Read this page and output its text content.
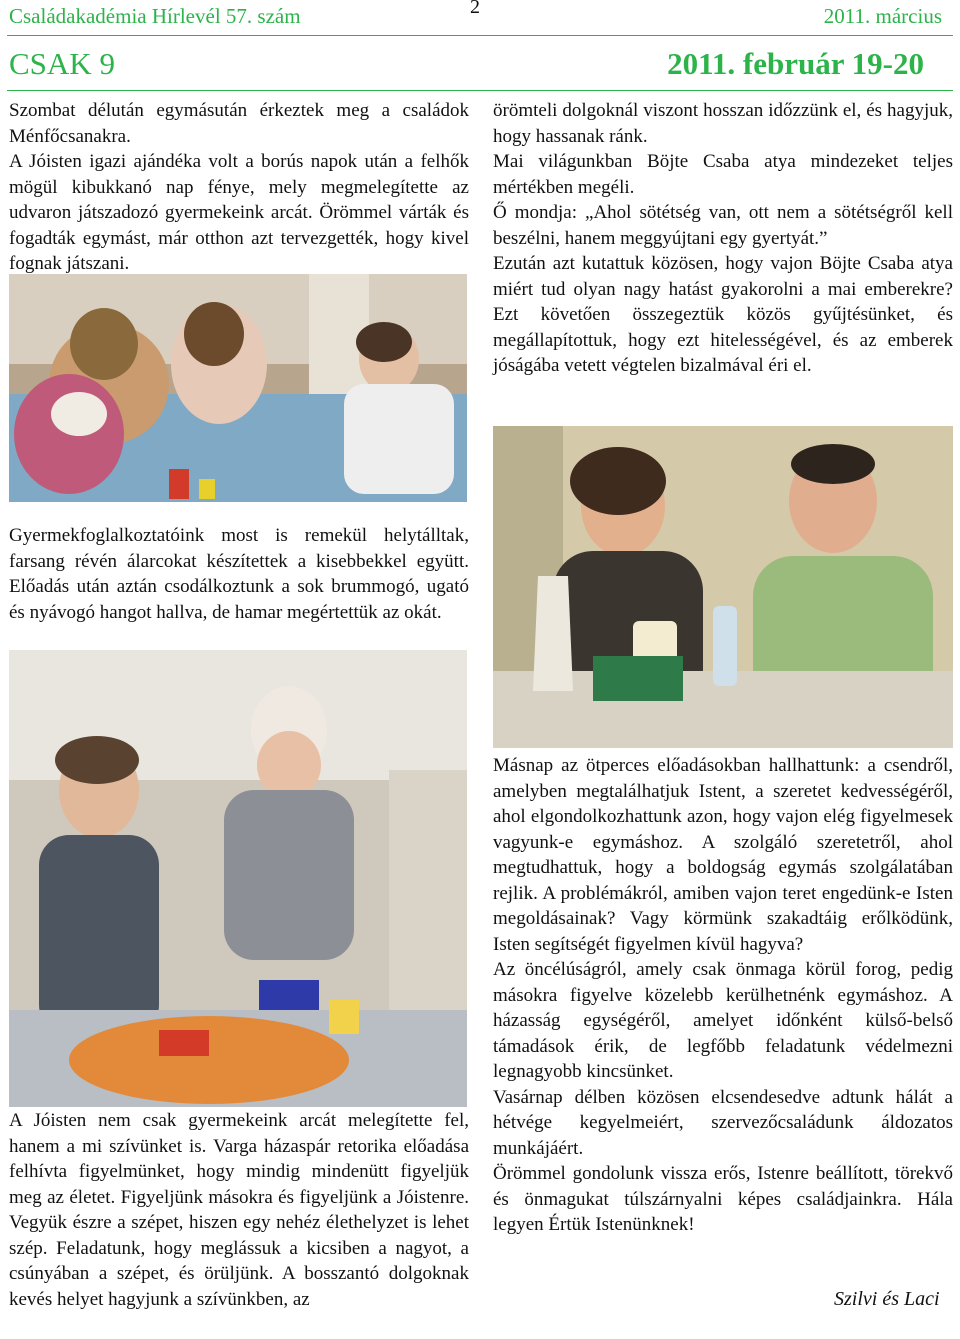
Családakadémia Hírlevél 57. szám	2	2011. március
CSAK 9	2011. február 19-20

Szombat délután egymásután érkeztek meg a családok Ménfőcsanakra.

A Jóisten igazi ajándéka volt a borús napok után a felhők mögül kibukkanó nap fénye, mely megmelegítette az udvaron játszadozó gyermekeink arcát. Örömmel várták és fogadták egymást, már otthon azt tervezgették, hogy kivel fognak játszani.

Gyermekfoglalkoztatóink most is remekül helytálltak, farsang révén álarcokat készítettek a kisebbekkel együtt. Előadás után aztán csodálkoztunk a sok brummogó, ugató és nyávogó hangot hallva, de hamar megértettük az okát.

A Jóisten nem csak gyermekeink arcát melegítette fel, hanem a mi szívünket is. Varga házaspár retorika előadása felhívta figyelmünket, hogy mindig mindenütt figyeljük meg az életet. Figyeljünk másokra és figyeljünk a Jóistenre. Vegyük észre a szépet, hiszen egy nehéz élethelyzet is lehet szép. Feladatunk, hogy meglássuk a kicsiben a nagyot, a csúnyában a szépet, és örüljünk. A bosszantó dolgoknak kevés helyet hagyjunk a szívünkben, az

örömteli dolgoknál viszont hosszan időzzünk el, és hagyjuk, hogy hassanak ránk.

Mai világunkban Böjte Csaba atya mindezeket teljes mértékben megéli.

Ő mondja: „Ahol sötétség van, ott nem a sötétségről kell beszélni, hanem meggyújtani egy gyertyát.”

Ezután azt kutattuk közösen, hogy vajon Böjte Csaba atya miért tud olyan nagy hatást gyakorolni a mai emberekre? Ezt követően összegeztük közös gyűjtésünket, és megállapítottuk, hogy ezt hitelességével, és az emberek jóságába vetett végtelen bizalmával éri el.

Másnap az ötperces előadásokban hallhattunk: a csendről, amelyben megtalálhatjuk Istent, a szeretet kedvességéről, ahol elgondolkozhattunk azon, hogy vajon elég figyelmesek vagyunk-e egymáshoz. A szolgáló szeretetről, ahol megtudhattuk, hogy a boldogság egymás szolgálatában rejlik. A problémákról, amiben vajon teret engedünk-e Isten megoldásainak? Vagy körmünk szakadtáig erőlködünk, Isten segítségét figyelmen kívül hagyva?

Az öncélúságról, amely csak önmaga körül forog, pedig másokra figyelve közelebb kerülhetnénk egymáshoz. A házasság egységéről, amelyet időnként külső-belső támadások érik, de legfőbb feladatunk védelmezni legnagyobb kincsünket.

Vasárnap délben közösen elcsendesedve adtunk hálát a hétvége kegyelmeiért, szervezőcsaládunk áldozatos munkájáért.

Örömmel gondolunk vissza erős, Istenre beállított, törekvő és önmagukat túlszárnyalni képes családjainkra. Hála legyen Értük Istenünknek!

Szilvi és Laci
